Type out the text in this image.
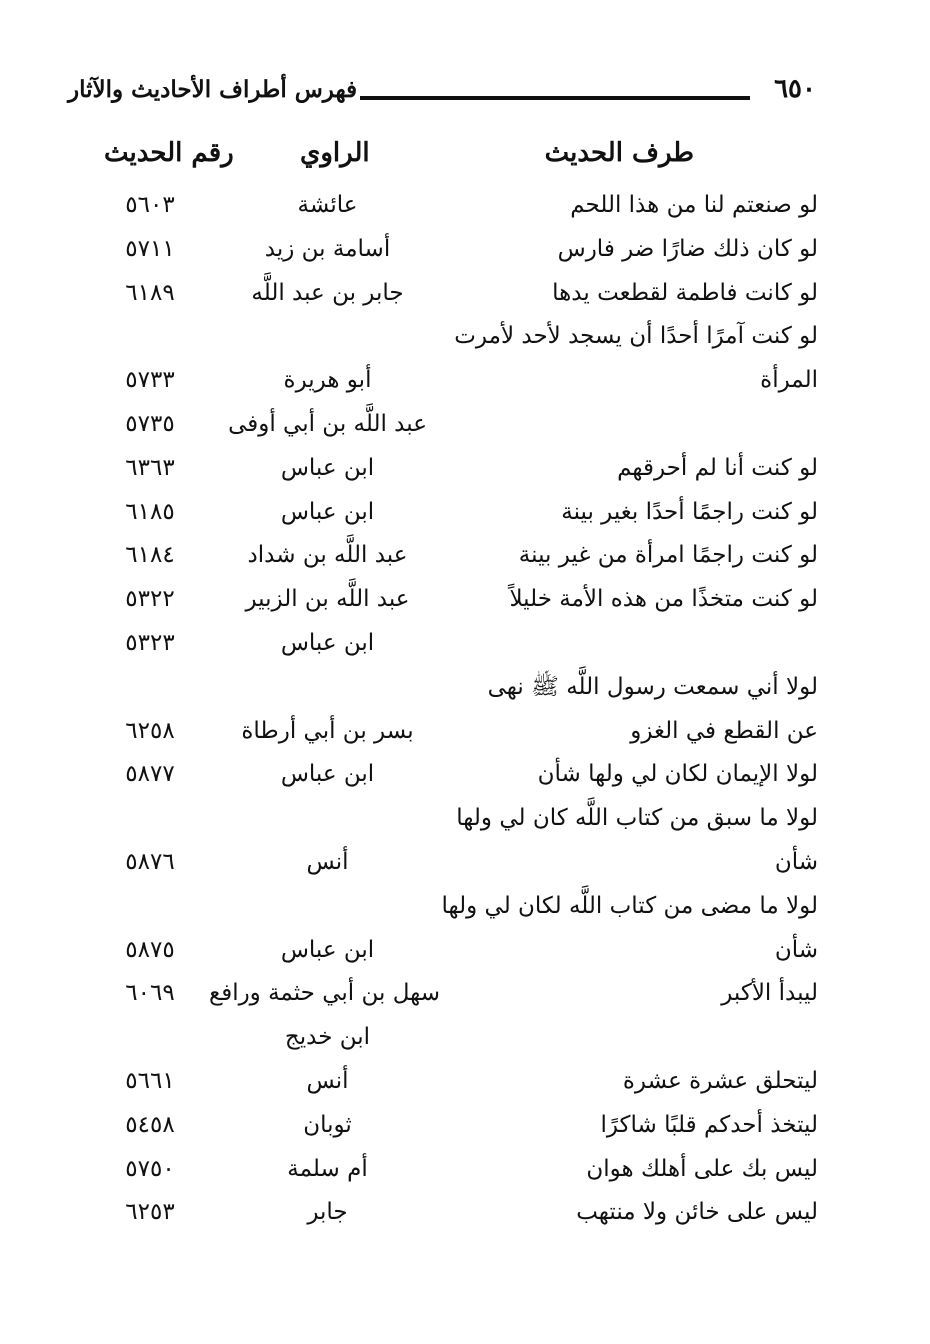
٦٥٠
فهرس أطراف الأحاديث والآثار
طرف الحديث
الراوي
رقم الحديث
لو صنعتم لنا من هذا اللحم
عائشة
٥٦٠٣
لو كان ذلك ضارًا ضر فارس
أسامة بن زيد
٥٧١١
لو كانت فاطمة لقطعت يدها
جابر بن عبد اللَّه
٦١٨٩
لو كنت آمرًا أحدًا أن يسجد لأحد لأمرت
المرأة
أبو هريرة
٥٧٣٣
عبد اللَّه بن أبي أوفى
٥٧٣٥
لو كنت أنا لم أحرقهم
ابن عباس
٦٣٦٣
لو كنت راجمًا أحدًا بغير بينة
ابن عباس
٦١٨٥
لو كنت راجمًا امرأة من غير بينة
عبد اللَّه بن شداد
٦١٨٤
لو كنت متخذًا من هذه الأمة خليلاً
عبد اللَّه بن الزبير
٥٣٢٢
ابن عباس
٥٣٢٣
لولا أني سمعت رسول اللَّه ﷺ نهى
عن القطع في الغزو
بسر بن أبي أرطاة
٦٢٥٨
لولا الإيمان لكان لي ولها شأن
ابن عباس
٥٨٧٧
لولا ما سبق من كتاب اللَّه كان لي ولها
شأن
أنس
٥٨٧٦
لولا ما مضى من كتاب اللَّه لكان لي ولها
شأن
ابن عباس
٥٨٧٥
ليبدأ الأكبر
سهل بن أبي حثمة ورافع
٦٠٦٩
ابن خديج
ليتحلق عشرة عشرة
أنس
٥٦٦١
ليتخذ أحدكم قلبًا شاكرًا
ثوبان
٥٤٥٨
ليس بك على أهلك هوان
أم سلمة
٥٧٥٠
ليس على خائن ولا منتهب
جابر
٦٢٥٣
